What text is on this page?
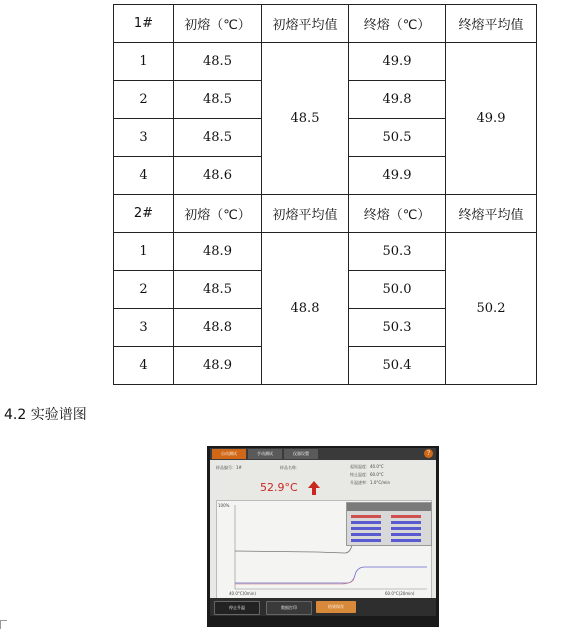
1#	初熔（℃）	初熔平均值	终熔（℃）	终熔平均值
1	48.5	48.5	49.9	49.9
2	48.5		49.8	
3	48.5		50.5	
4	48.6		49.9	
2#	初熔（℃）	初熔平均值	终熔（℃）	终熔平均值
1	48.9	48.8	50.3	50.2
2	48.5		50.0	
3	48.8		50.3	
4	48.9		50.4	
4.2 实验谱图
自动测试	手动测试	仪器设置	?
样品编号：1#	样品名称：	起始温度：40.0°C
终止温度：60.0°C
升温速率：1.0°C/min
52.9°C
100%
40.0°C(0min)	60.0°C(20min)
停止升温	数据打印	结果保存
